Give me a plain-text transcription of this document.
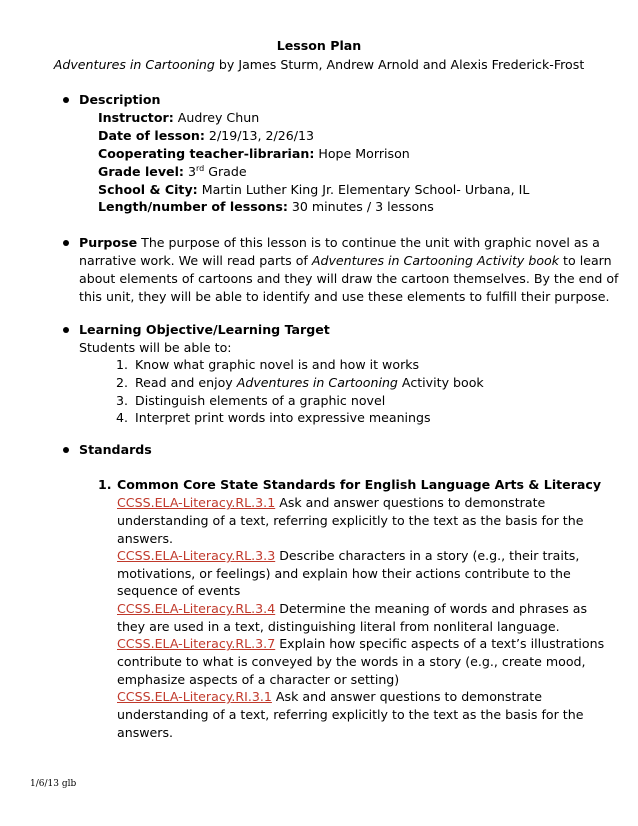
Lesson Plan
Adventures in Cartooning by James Sturm, Andrew Arnold and Alexis Frederick-Frost
Description
Instructor: Audrey Chun
Date of lesson: 2/19/13, 2/26/13
Cooperating teacher-librarian: Hope Morrison
Grade level: 3rd Grade
School & City: Martin Luther King Jr. Elementary School- Urbana, IL
Length/number of lessons: 30 minutes / 3 lessons
Purpose The purpose of this lesson is to continue the unit with graphic novel as a
narrative work. We will read parts of Adventures in Cartooning Activity book to learn
about elements of cartoons and they will draw the cartoon themselves. By the end of
this unit, they will be able to identify and use these elements to fulfill their purpose.
Learning Objective/Learning Target
Students will be able to:
1. Know what graphic novel is and how it works
2. Read and enjoy Adventures in Cartooning Activity book
3. Distinguish elements of a graphic novel
4. Interpret print words into expressive meanings
Standards
1. Common Core State Standards for English Language Arts & Literacy
CCSS.ELA-Literacy.RL.3.1 Ask and answer questions to demonstrate
understanding of a text, referring explicitly to the text as the basis for the
answers.
CCSS.ELA-Literacy.RL.3.3 Describe characters in a story (e.g., their traits,
motivations, or feelings) and explain how their actions contribute to the
sequence of events
CCSS.ELA-Literacy.RL.3.4 Determine the meaning of words and phrases as
they are used in a text, distinguishing literal from nonliteral language.
CCSS.ELA-Literacy.RL.3.7 Explain how specific aspects of a text’s illustrations
contribute to what is conveyed by the words in a story (e.g., create mood,
emphasize aspects of a character or setting)
CCSS.ELA-Literacy.RI.3.1 Ask and answer questions to demonstrate
understanding of a text, referring explicitly to the text as the basis for the
answers.
1/6/13 glb
